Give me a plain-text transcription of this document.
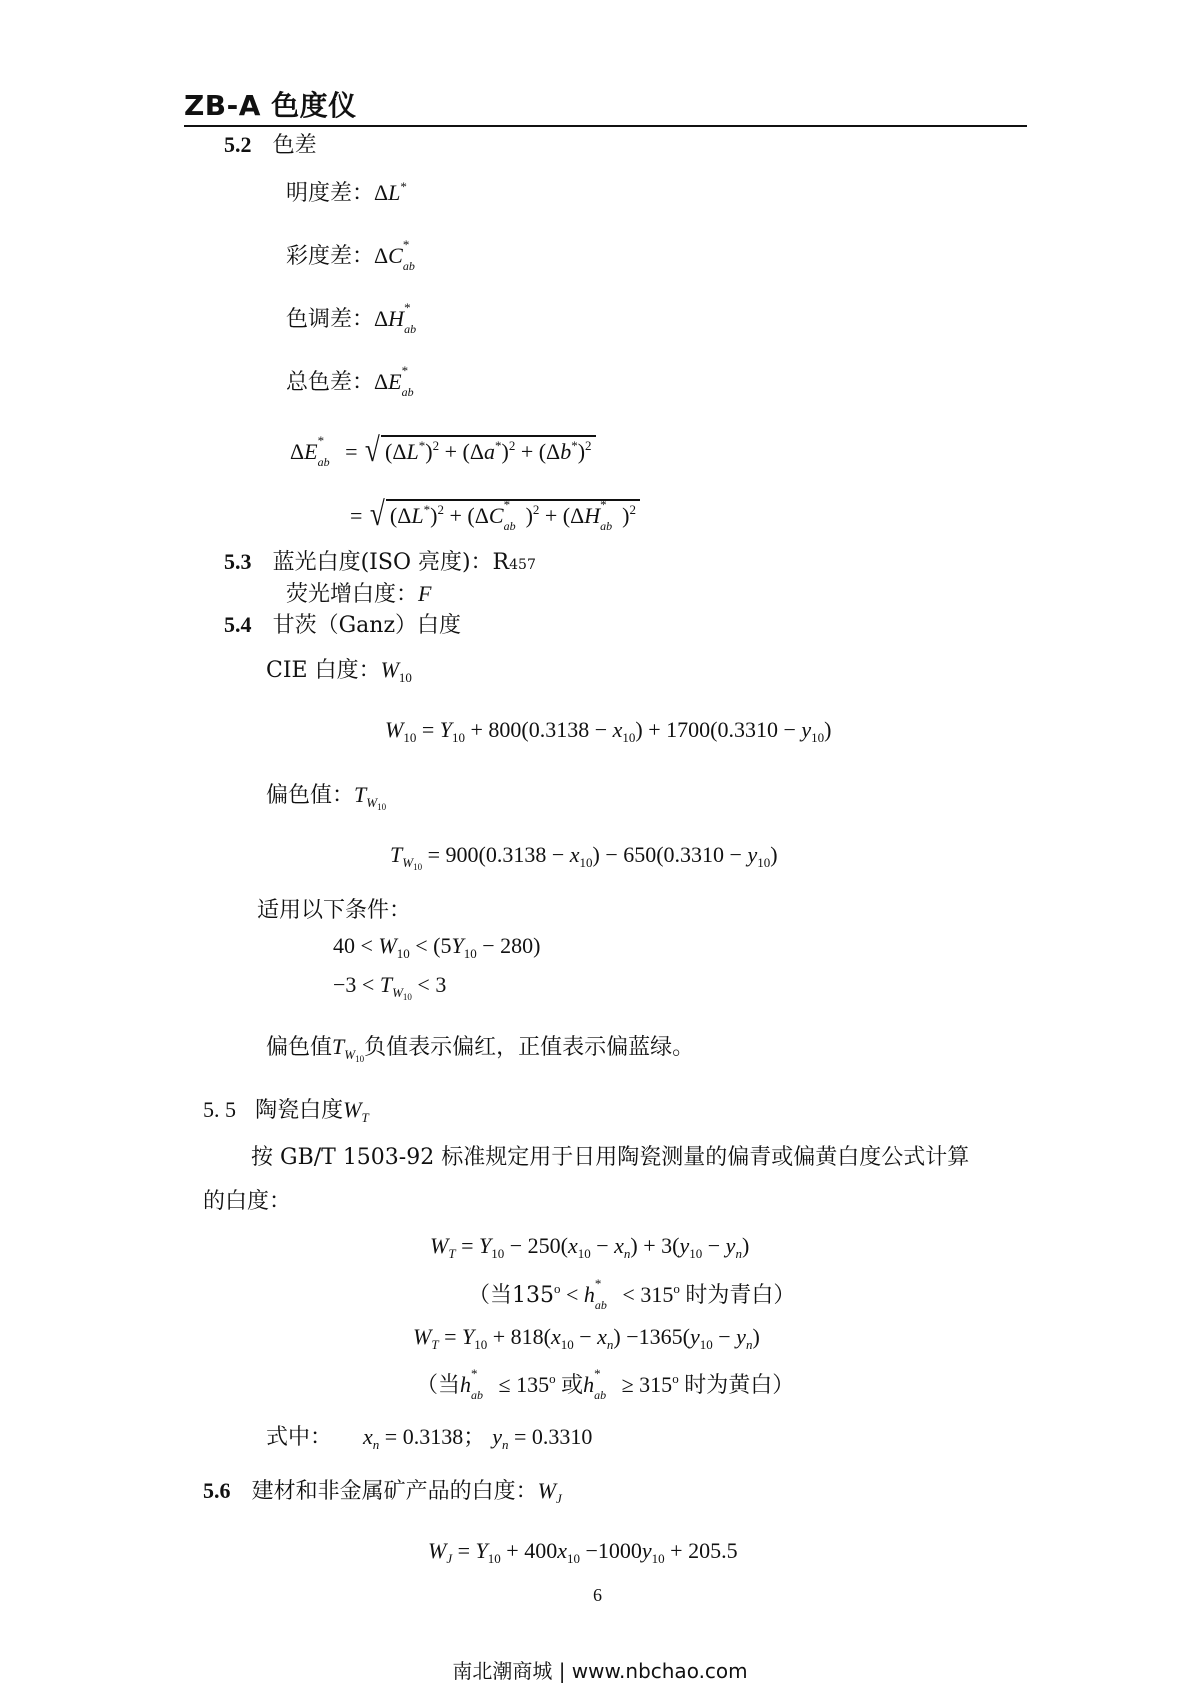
ZB-A 色度仪
5.2 色差
明度差：ΔL*
彩度差：ΔC *
ab
色调差：ΔH *
ab
总色差：ΔE *
ab
ΔE *
ab = √ $(\Delta L^*)^2 + (\Delta a^*)^2 + (\Delta b^*)^2$
= √ $(\Delta L^*)^2 + (\Delta C$ *
ab )$^2$ + (ΔH *
ab )$^2$
5.3 蓝光白度(ISO 亮度)：R457
荧光增白度：F
5.4 甘茨（Ganz）白度
CIE 白度：$W_{10}$
$W_{10} = Y_{10} + 800(0.3138 - x_{10}) + 1700(0.3310 - y_{10})$
偏色值：$T_{W_{10}}$
$T_{W_{10}} = 900(0.3138 - x_{10}) - 650(0.3310 - y_{10})$
适用以下条件：
$40 < W_{10} < (5Y_{10} - 280)$
$-3 < T_{W_{10}} < 3$
偏色值$T_{W_{10}}$负值表示偏红，正值表示偏蓝绿。
5. 5 陶瓷白度$W_T$
按 GB/T 1503-92 标准规定用于日用陶瓷测量的偏青或偏黄白度公式计算
的白度：
$W_T = Y_{10} - 250(x_{10} - x_n) + 3(y_{10} - y_n)$
（当$135^o < h$ *
ab < $315^o$ 时为青白）
$W_T = Y_{10} + 818(x_{10} - x_n) -1365(y_{10} - y_n)$
（当h *
ab ≤ $135^o$ 或h *
ab ≥ $315^o$ 时为黄白）
式中： $x_n = 0.3138$； $y_n = 0.3310$
5.6 建材和非金属矿产品的白度：$W_J$
$W_J = Y_{10} + 400x_{10} -1000y_{10} + 205.5$
6
南北潮商城 | www.nbchao.com
